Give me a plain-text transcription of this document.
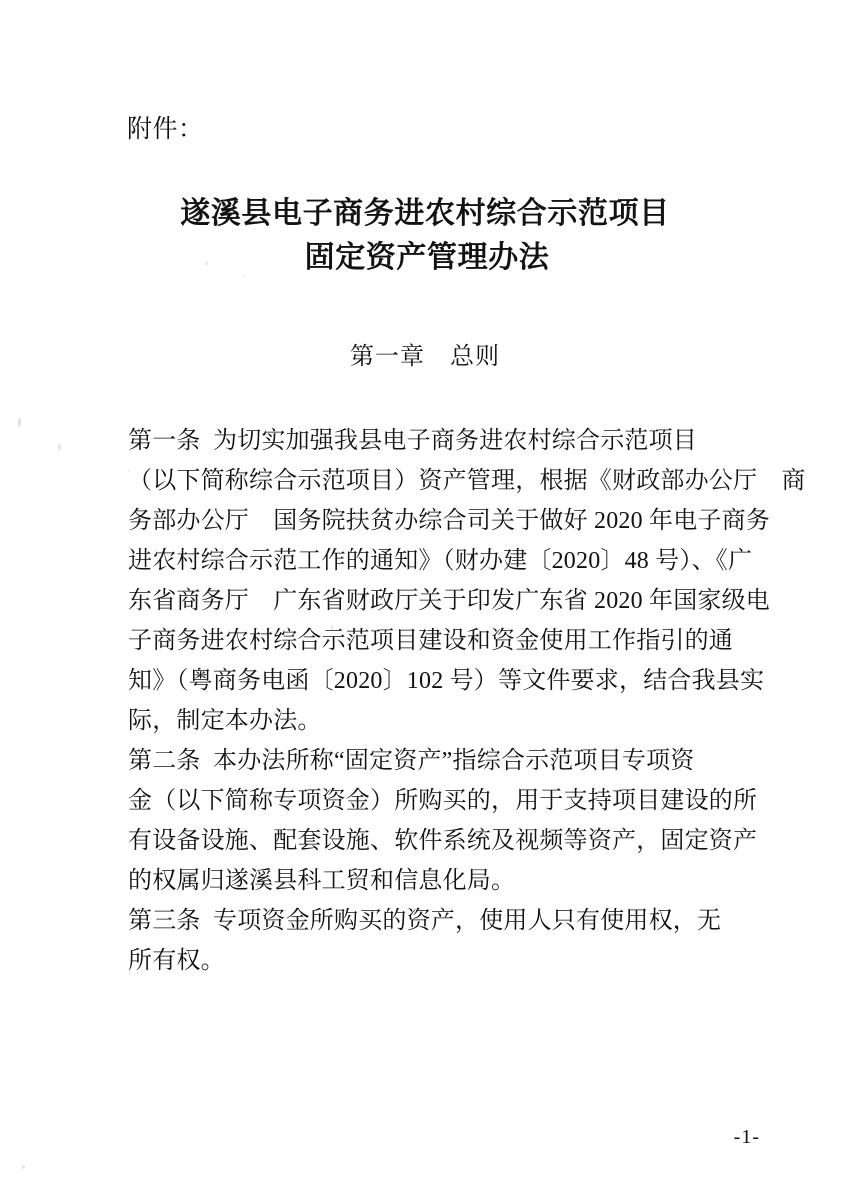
附件：
遂溪县电子商务进农村综合示范项目
固定资产管理办法
第一章　总则
第一条  为切实加强我县电子商务进农村综合示范项目
（以下简称综合示范项目）资产管理，根据《财政部办公厅　商
务部办公厅　国务院扶贫办综合司关于做好 2020 年电子商务
进农村综合示范工作的通知》（财办建〔2020〕48 号）、《广
东省商务厅　广东省财政厅关于印发广东省 2020 年国家级电
子商务进农村综合示范项目建设和资金使用工作指引的通
知》（粤商务电函〔2020〕102 号）等文件要求，结合我县实
际，制定本办法。
第二条  本办法所称“固定资产”指综合示范项目专项资
金（以下简称专项资金）所购买的，用于支持项目建设的所
有设备设施、配套设施、软件系统及视频等资产，固定资产
的权属归遂溪县科工贸和信息化局。
第三条  专项资金所购买的资产，使用人只有使用权，无
所有权。
-1-
